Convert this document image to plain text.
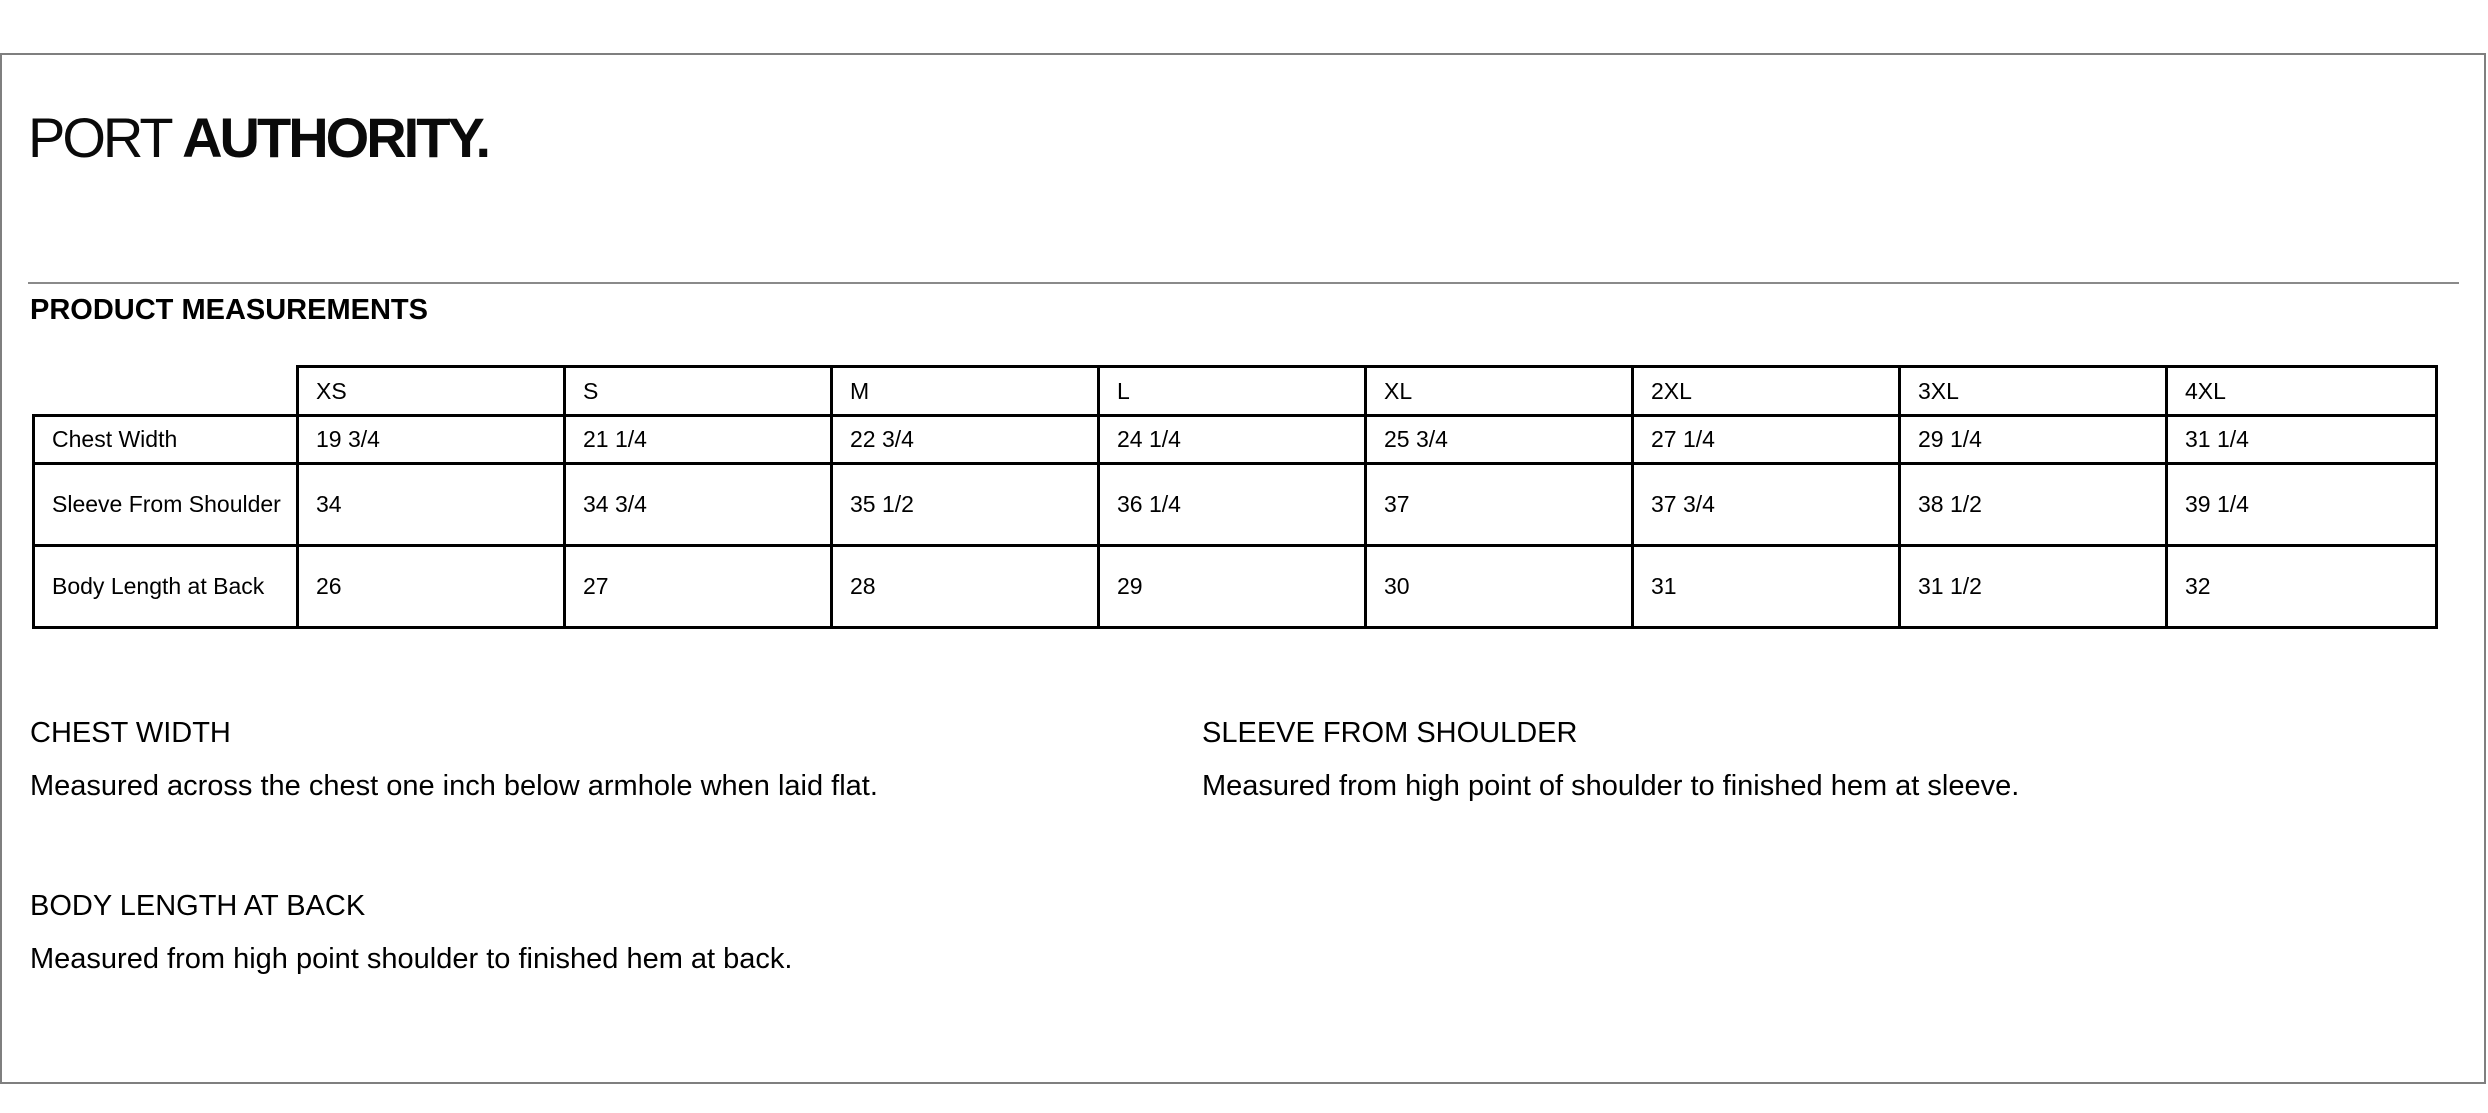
PORT AUTHORITY.
PRODUCT MEASUREMENTS
	XS	S	M	L	XL	2XL	3XL	4XL
Chest Width	19 3/4	21 1/4	22 3/4	24 1/4	25 3/4	27 1/4	29 1/4	31 1/4
Sleeve From Shoulder	34	34 3/4	35 1/2	36 1/4	37	37 3/4	38 1/2	39 1/4
Body Length at Back	26	27	28	29	30	31	31 1/2	32
CHEST WIDTH
Measured across the chest one inch below armhole when laid flat.
SLEEVE FROM SHOULDER
Measured from high point of shoulder to finished hem at sleeve.
BODY LENGTH AT BACK
Measured from high point shoulder to finished hem at back.
